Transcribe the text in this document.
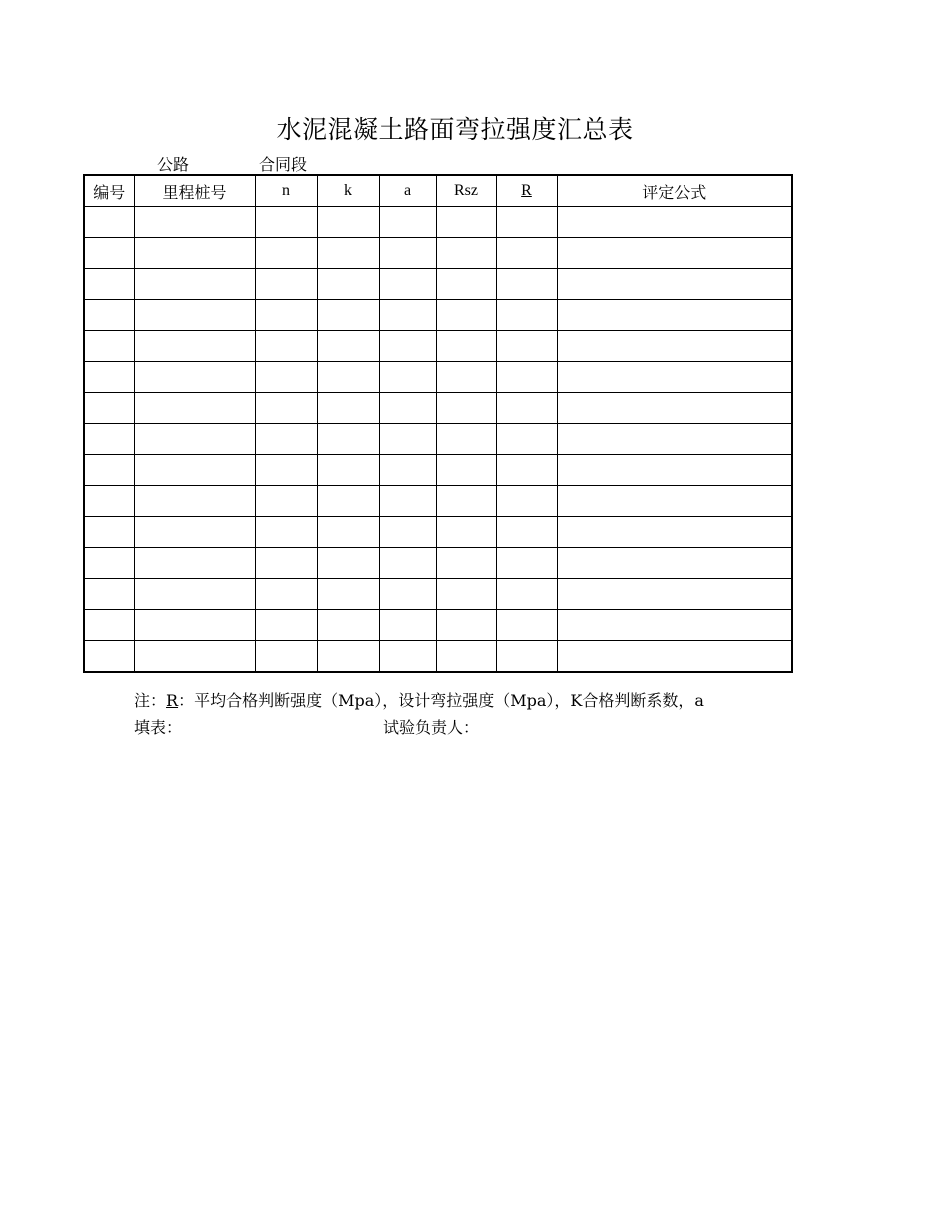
水泥混凝土路面弯拉强度汇总表
公路	合同段
编号	里程桩号	n	k	a	Rsz	R	评定公式

注：R：平均合格判断强度（Mpa），设计弯拉强度（Mpa），K合格判断系数，a
填表：	试验负责人：
